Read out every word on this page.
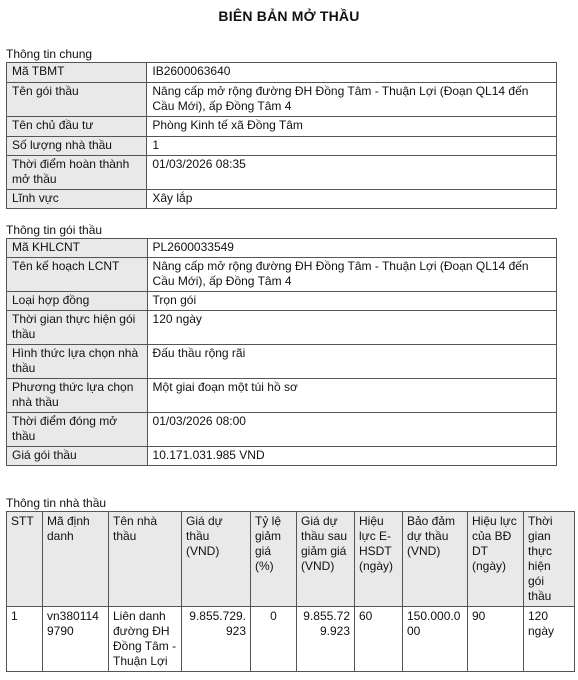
BIÊN BẢN MỞ THẦU
Thông tin chung
Mã TBMT	IB2600063640
Tên gói thầu	Nâng cấp mở rộng đường ĐH Đồng Tâm - Thuận Lợi (Đoạn QL14 đến Cầu Mới), ấp Đồng Tâm 4
Tên chủ đầu tư	Phòng Kinh tế xã Đồng Tâm
Số lượng nhà thầu	1
Thời điểm hoàn thành mở thầu	01/03/2026 08:35
Lĩnh vực	Xây lắp
Thông tin gói thầu
Mã KHLCNT	PL2600033549
Tên kế hoạch LCNT	Nâng cấp mở rộng đường ĐH Đồng Tâm - Thuận Lợi (Đoạn QL14 đến Cầu Mới), ấp Đồng Tâm 4
Loại hợp đồng	Trọn gói
Thời gian thực hiện gói thầu	120 ngày
Hình thức lựa chọn nhà thầu	Đấu thầu rộng rãi
Phương thức lựa chọn nhà thầu	Một giai đoạn một túi hồ sơ
Thời điểm đóng mở thầu	01/03/2026 08:00
Giá gói thầu	10.171.031.985 VND
Thông tin nhà thầu
STT	Mã định danh	Tên nhà thầu	Giá dự thầu (VND)	Tỷ lệ giảm giá (%)	Giá dự thầu sau giảm giá (VND)	Hiệu lực E-HSDT (ngày)	Bảo đảm dự thầu (VND)	Hiệu lực của BĐ DT (ngày)	Thời gian thực hiện gói thầu
1	vn3801149790	Liên danh đường ĐH Đồng Tâm - Thuận Lợi	9.855.729.923	0	9.855.729.923	60	150.000.000	90	120 ngày
